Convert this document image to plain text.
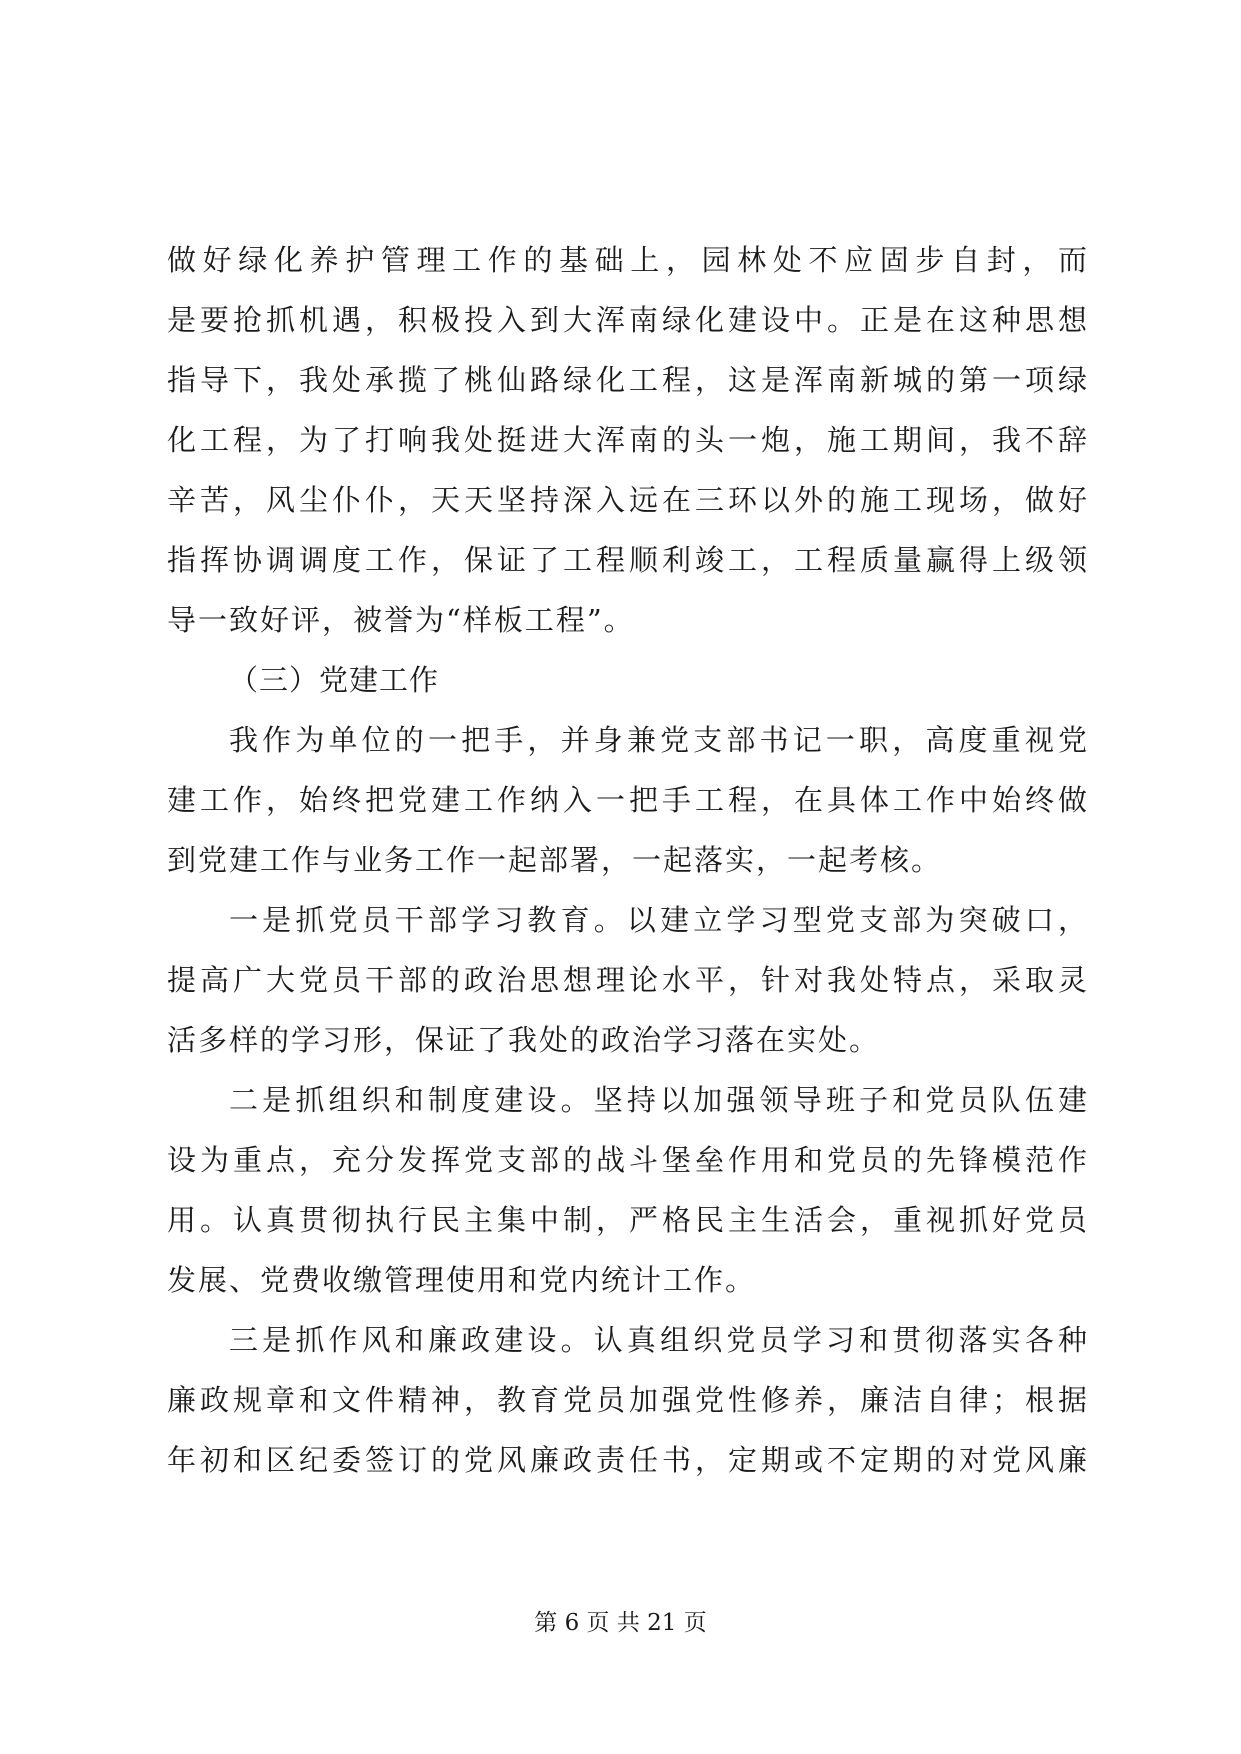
做好绿化养护管理工作的基础上，园林处不应固步自封，而
是要抢抓机遇，积极投入到大浑南绿化建设中。正是在这种思想
指导下，我处承揽了桃仙路绿化工程，这是浑南新城的第一项绿
化工程，为了打响我处挺进大浑南的头一炮，施工期间，我不辞
辛苦，风尘仆仆，天天坚持深入远在三环以外的施工现场，做好
指挥协调调度工作，保证了工程顺利竣工，工程质量赢得上级领
导一致好评，被誉为“样板工程”。
（三）党建工作
我作为单位的一把手，并身兼党支部书记一职，高度重视党
建工作，始终把党建工作纳入一把手工程，在具体工作中始终做
到党建工作与业务工作一起部署，一起落实，一起考核。
一是抓党员干部学习教育。以建立学习型党支部为突破口，
提高广大党员干部的政治思想理论水平，针对我处特点，采取灵
活多样的学习形，保证了我处的政治学习落在实处。
二是抓组织和制度建设。坚持以加强领导班子和党员队伍建
设为重点，充分发挥党支部的战斗堡垒作用和党员的先锋模范作
用。认真贯彻执行民主集中制，严格民主生活会，重视抓好党员
发展、党费收缴管理使用和党内统计工作。
三是抓作风和廉政建设。认真组织党员学习和贯彻落实各种
廉政规章和文件精神，教育党员加强党性修养，廉洁自律；根据
年初和区纪委签订的党风廉政责任书，定期或不定期的对党风廉
第 6 页 共 21 页
